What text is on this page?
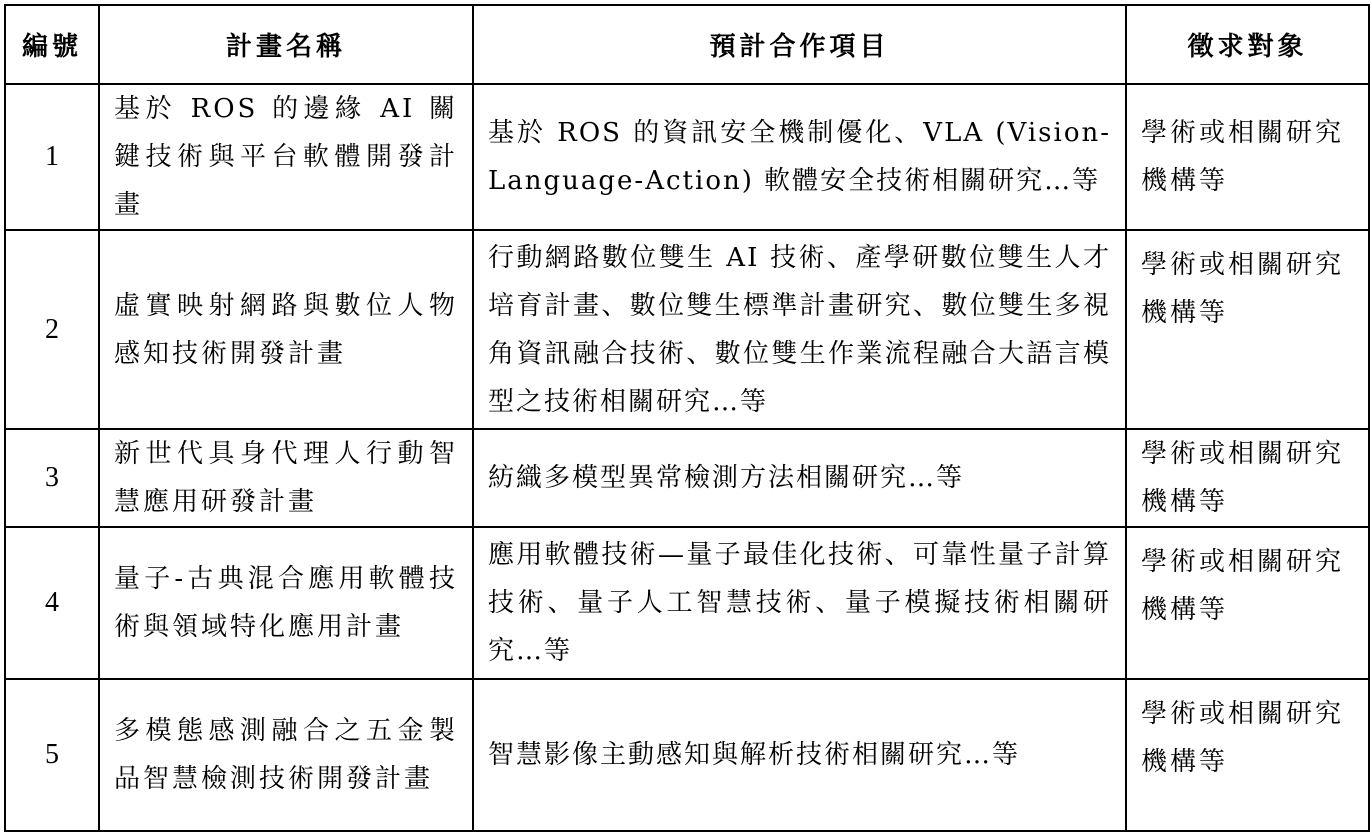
編號	計畫名稱	預計合作項目	徵求對象
1	基於 ROS 的邊緣 AI 關鍵技術與平台軟體開發計畫	基於 ROS 的資訊安全機制優化、VLA (Vision-Language-Action) 軟體安全技術相關研究…等	學術或相關研究機構等
2	虛實映射網路與數位人物感知技術開發計畫	行動網路數位雙生 AI 技術、產學研數位雙生人才培育計畫、數位雙生標準計畫研究、數位雙生多視角資訊融合技術、數位雙生作業流程融合大語言模型之技術相關研究…等	學術或相關研究機構等
3	新世代具身代理人行動智慧應用研發計畫	紡織多模型異常檢測方法相關研究…等	學術或相關研究機構等
4	量子-古典混合應用軟體技術與領域特化應用計畫	應用軟體技術—量子最佳化技術、可靠性量子計算技術、量子人工智慧技術、量子模擬技術相關研究…等	學術或相關研究機構等
5	多模態感測融合之五金製品智慧檢測技術開發計畫	智慧影像主動感知與解析技術相關研究…等	學術或相關研究機構等
